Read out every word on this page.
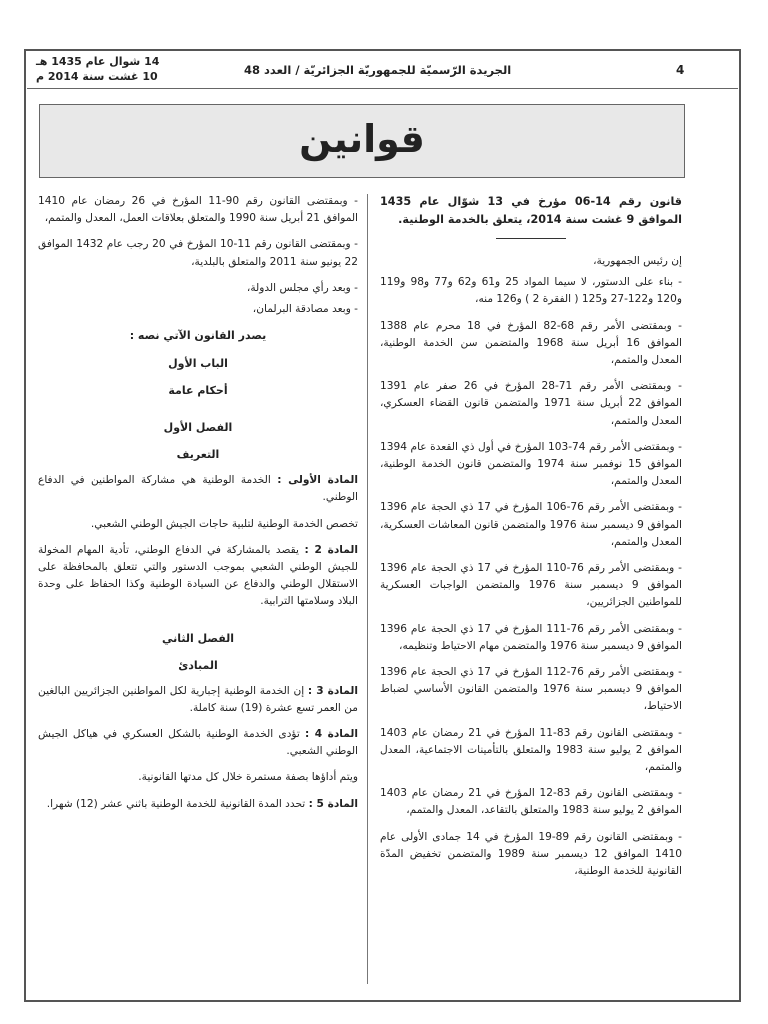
4
الجريدة الرّسميّة للجمهوريّة الجزائريّة / العدد 48
14 شوال عام 1435 هـ
10 غشت سنة 2014 م
قوانين

قانون رقم 14-06 مؤرخ في 13 شوّال عام 1435 الموافق 9 غشت سنة 2014، يتعلق بالخدمة الوطنية.

إن رئيس الجمهورية،

- بناء على الدستور، لا سيما المواد 25 و61 و62 و77 و98 و119 و120 و122-27 و125 ( الفقرة 2 ) و126 منه،

- وبمقتضى الأمر رقم 68-82 المؤرخ في 18 محرم عام 1388 الموافق 16 أبريل سنة 1968 والمتضمن سن الخدمة الوطنية، المعدل والمتمم،

- وبمقتضى الأمر رقم 71-28 المؤرخ في 26 صفر عام 1391 الموافق 22 أبريل سنة 1971 والمتضمن قانون القضاء العسكري، المعدل والمتمم،

- وبمقتضى الأمر رقم 74-103 المؤرخ في أول ذي القعدة عام 1394 الموافق 15 نوفمبر سنة 1974 والمتضمن قانون الخدمة الوطنية، المعدل والمتمم،

- وبمقتضى الأمر رقم 76-106 المؤرخ في 17 ذي الحجة عام 1396 الموافق 9 ديسمبر سنة 1976 والمتضمن قانون المعاشات العسكرية، المعدل والمتمم،

- وبمقتضى الأمر رقم 76-110 المؤرخ في 17 ذي الحجة عام 1396 الموافق 9 ديسمبر سنة 1976 والمتضمن الواجبات العسكرية للمواطنين الجزائريين،

- وبمقتضى الأمر رقم 76-111 المؤرخ في 17 ذي الحجة عام 1396 الموافق 9 ديسمبر سنة 1976 والمتضمن مهام الاحتياط وتنظيمه،

- وبمقتضى الأمر رقم 76-112 المؤرخ في 17 ذي الحجة عام 1396 الموافق 9 ديسمبر سنة 1976 والمتضمن القانون الأساسي لضباط الاحتياط،

- وبمقتضى القانون رقم 83-11 المؤرخ في 21 رمضان عام 1403 الموافق 2 يوليو سنة 1983 والمتعلق بالتأمينات الاجتماعية، المعدل والمتمم،

- وبمقتضى القانون رقم 83-12 المؤرخ في 21 رمضان عام 1403 الموافق 2 يوليو سنة 1983 والمتعلق بالتقاعد، المعدل والمتمم،

- وبمقتضى القانون رقم 89-19 المؤرخ في 14 جمادى الأولى عام 1410 الموافق 12 ديسمبر سنة 1989 والمتضمن تخفيض المدّة القانونية للخدمة الوطنية،

- وبمقتضى القانون رقم 90-11 المؤرخ في 26 رمضان عام 1410 الموافق 21 أبريل سنة 1990 والمتعلق بعلاقات العمل، المعدل والمتمم،

- وبمقتضى القانون رقم 11-10 المؤرخ في 20 رجب عام 1432 الموافق 22 يونيو سنة 2011 والمتعلق بالبلدية،

- وبعد رأي مجلس الدولة،

- وبعد مصادقة البرلمان،

يصدر القانون الآتي نصه :

الباب الأول

أحكام عامة

الفصل الأول

التعريف

المادة الأولى : الخدمة الوطنية هي مشاركة المواطنين في الدفاع الوطني.

تخصص الخدمة الوطنية لتلبية حاجات الجيش الوطني الشعبي.

المادة 2 : يقصد بالمشاركة في الدفاع الوطني، تأدية المهام المخولة للجيش الوطني الشعبي بموجب الدستور والتي تتعلق بالمحافظة على الاستقلال الوطني والدفاع عن السيادة الوطنية وكذا الحفاظ على وحدة البلاد وسلامتها الترابية.

الفصل الثاني

المبادئ

المادة 3 : إن الخدمة الوطنية إجبارية لكل المواطنين الجزائريين البالغين من العمر تسع عشرة (19) سنة كاملة.

المادة 4 : تؤدى الخدمة الوطنية بالشكل العسكري في هياكل الجيش الوطني الشعبي.

ويتم أداؤها بصفة مستمرة خلال كل مدتها القانونية.

المادة 5 : تحدد المدة القانونية للخدمة الوطنية باثني عشر (12) شهرا.
